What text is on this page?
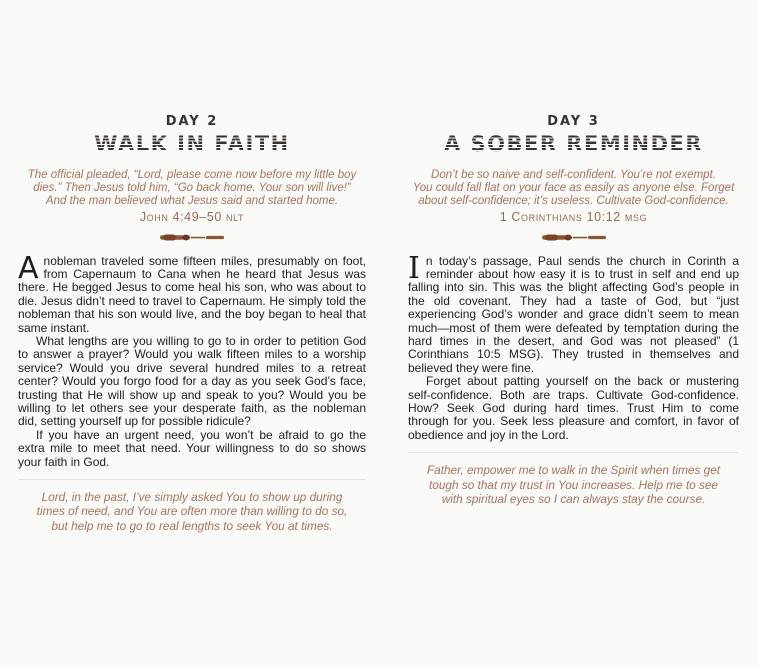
DAY 2
WALK IN FAITH
The official pleaded, “Lord, please come now before my little boy
dies.” Then Jesus told him, “Go back home. Your son will live!”
And the man believed what Jesus said and started home.
John 4:49–50 nlt

Anobleman traveled some fifteen miles, presumably on foot, from Capernaum to Cana when he heard that Jesus was there. He begged Jesus to come heal his son, who was about to die. Jesus didn’t need to travel to Capernaum. He simply told the nobleman that his son would live, and the boy began to heal that same instant.

What lengths are you willing to go to in order to petition God to answer a prayer? Would you walk fifteen miles to a worship service? Would you drive several hundred miles to a retreat center? Would you forgo food for a day as you seek God’s face, trusting that He will show up and speak to you? Would you be willing to let others see your desperate faith, as the nobleman did, setting yourself up for possible ridicule?

If you have an urgent need, you won’t be afraid to go the extra mile to meet that need. Your willingness to do so shows your faith in God.

Lord, in the past, I’ve simply asked You to show up during
times of need, and You are often more than willing to do so,
but help me to go to real lengths to seek You at times.
DAY 3
A SOBER REMINDER
Don’t be so naive and self-confident. You’re not exempt.
You could fall flat on your face as easily as anyone else. Forget
about self-confidence; it’s useless. Cultivate God-confidence.
1 Corinthians 10:12 msg

In today’s passage, Paul sends the church in Corinth a reminder about how easy it is to trust in self and end up falling into sin. This was the blight affecting God’s people in the old covenant. They had a taste of God, but “just experiencing God’s wonder and grace didn’t seem to mean much—most of them were defeated by temptation during the hard times in the desert, and God was not pleased” (1 Corinthians 10:5 MSG). They trusted in themselves and believed they were fine.

Forget about patting yourself on the back or mustering self-confidence. Both are traps. Cultivate God-confidence. How? Seek God during hard times. Trust Him to come through for you. Seek less pleasure and comfort, in favor of obedience and joy in the Lord.

Father, empower me to walk in the Spirit when times get
tough so that my trust in You increases. Help me to see
with spiritual eyes so I can always stay the course.
